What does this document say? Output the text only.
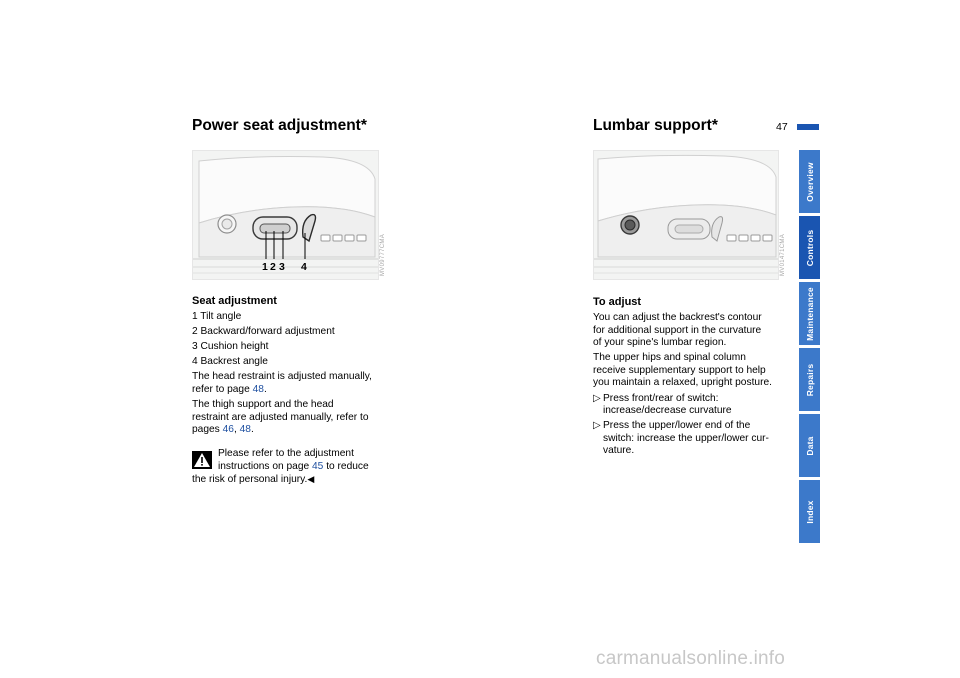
47
Power seat adjustment*
1 2 3 4	MV09777CMA
Seat adjustment
1 Tilt angle
2 Backward/forward adjustment
3 Cushion height
4 Backrest angle
The head restraint is adjusted manually,
refer to page 48.
The thigh support and the head
restraint are adjusted manually, refer to
pages 46, 48.
Please refer to the adjustment
instructions on page 45 to reduce
the risk of personal injury.◀
Lumbar support*
MV01471CMA
To adjust
You can adjust the backrest's contour
for additional support in the curvature
of your spine's lumbar region.
The upper hips and spinal column
receive supplementary support to help
you maintain a relaxed, upright posture.
▷ Press front/rear of switch:
increase/decrease curvature
▷ Press the upper/lower end of the
switch: increase the upper/lower cur-
vature.
Overview
Controls
Maintenance
Repairs
Data
Index
carmanualsonline.info
